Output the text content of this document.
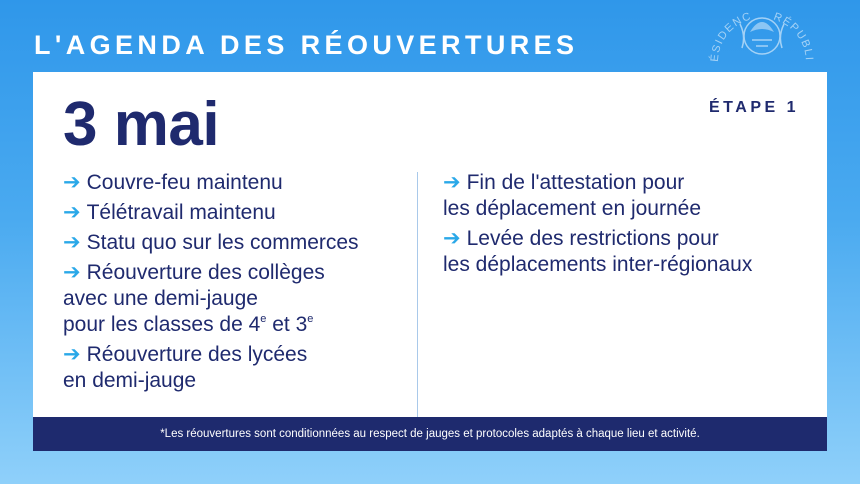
L'AGENDA DES RÉOUVERTURES	ÉSIDENC	RÉPUBLI
3 mai	ÉTAPE 1
➔ Couvre-feu maintenu
➔ Télétravail maintenu
➔ Statu quo sur les commerces
➔ Réouverture des collèges
avec une demi-jauge
pour les classes de 4e et 3e
➔ Réouverture des lycées
en demi-jauge
➔ Fin de l'attestation pour
les déplacement en journée
➔ Levée des restrictions pour
les déplacements inter-régionaux
*Les réouvertures sont conditionnées au respect de jauges et protocoles adaptés à chaque lieu et activité.
